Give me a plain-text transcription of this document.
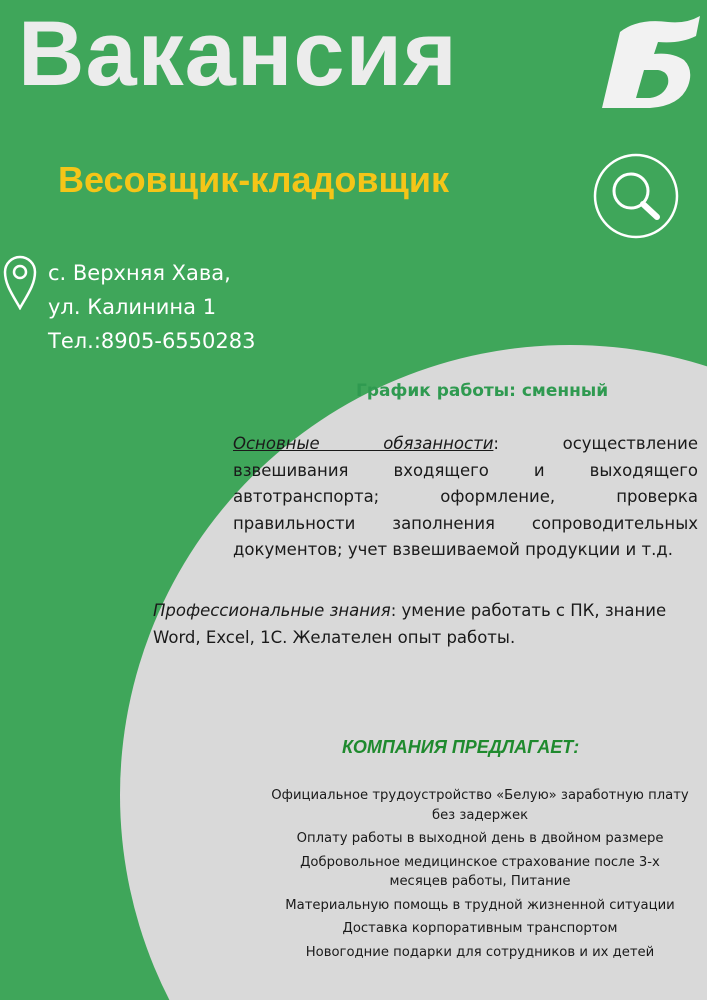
Вакансия
Весовщик-кладовщик
с. Верхняя Хава,
ул. Калинина 1
Тел.:8905-6550283
График работы: сменный
Основные обязанности: осуществление взвешивания входящего и выходящего автотранспорта; оформление, проверка правильности заполнения сопроводительных документов; учет взвешиваемой продукции и т.д.
Профессиональные знания: умение работать с ПК, знание Word, Excel, 1С. Желателен опыт работы.
КОМПАНИЯ ПРЕДЛАГАЕТ:
Официальное трудоустройство «Белую» заработную плату без задержек
Оплату работы в выходной день в двойном размере
Добровольное медицинское страхование после 3-х месяцев работы, Питание
Материальную помощь в трудной жизненной ситуации
Доставка корпоративным транспортом
Новогодние подарки для сотрудников и их детей
